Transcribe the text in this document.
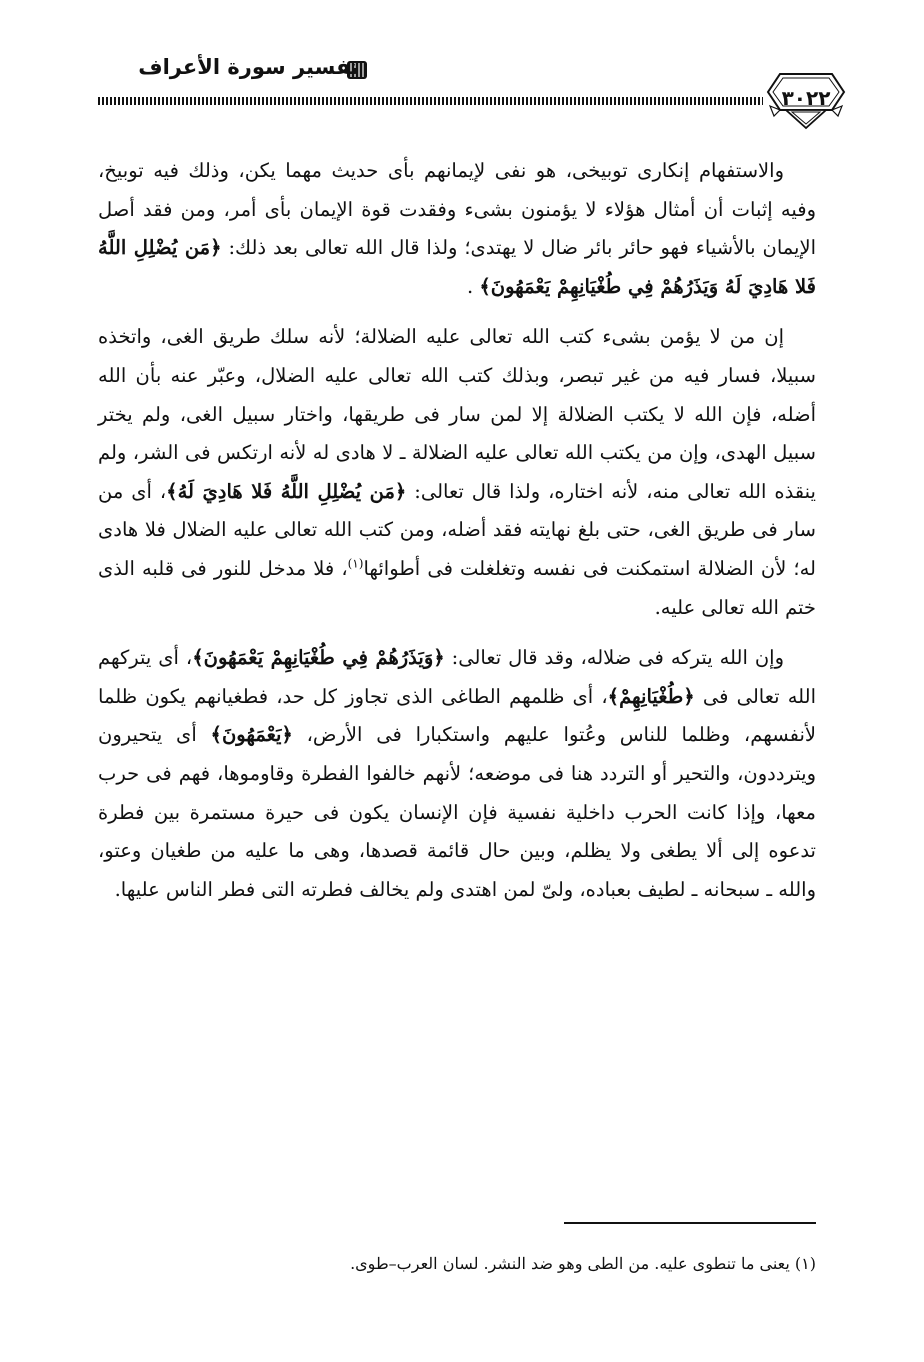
تفسير سورة الأعراف
٣٠٢٢

والاستفهام إنكارى توبيخى، هو نفى لإيمانهم بأى حديث مهما يكن، وذلك فيه توبيخ، وفيه إثبات أن أمثال هؤلاء لا يؤمنون بشىء وفقدت قوة الإيمان بأى أمر، ومن فقد أصل الإيمان بالأشياء فهو حائر بائر ضال لا يهتدى؛ ولذا قال الله تعالى بعد ذلك: ﴿مَن يُضْلِلِ اللَّهُ فَلا هَادِيَ لَهُ وَيَذَرُهُمْ فِي طُغْيَانِهِمْ يَعْمَهُونَ﴾ .

إن من لا يؤمن بشىء كتب الله تعالى عليه الضلالة؛ لأنه سلك طريق الغى، واتخذه سبيلا، فسار فيه من غير تبصر، وبذلك كتب الله تعالى عليه الضلال، وعبّر عنه بأن الله أضله، فإن الله لا يكتب الضلالة إلا لمن سار فى طريقها، واختار سبيل الغى، ولم يختر سبيل الهدى، وإن من يكتب الله تعالى عليه الضلالة ـ لا هادى له لأنه ارتكس فى الشر، ولم ينقذه الله تعالى منه، لأنه اختاره، ولذا قال تعالى: ﴿مَن يُضْلِلِ اللَّهُ فَلا هَادِيَ لَهُ﴾، أى من سار فى طريق الغى، حتى بلغ نهايته فقد أضله، ومن كتب الله تعالى عليه الضلال فلا هادى له؛ لأن الضلالة استمكنت فى نفسه وتغلغلت فى أطوائها$^{(١)}$، فلا مدخل للنور فى قلبه الذى ختم الله تعالى عليه.

وإن الله يتركه فى ضلاله، وقد قال تعالى: ﴿وَيَذَرُهُمْ فِي طُغْيَانِهِمْ يَعْمَهُونَ﴾، أى يتركهم الله تعالى فى ﴿طُغْيَانِهِمْ﴾، أى ظلمهم الطاغى الذى تجاوز كل حد، فطغيانهم يكون ظلما لأنفسهم، وظلما للناس وعُتوا عليهم واستكبارا فى الأرض، ﴿يَعْمَهُونَ﴾ أى يتحيرون ويترددون، والتحير أو التردد هنا فى موضعه؛ لأنهم خالفوا الفطرة وقاوموها، فهم فى حرب معها، وإذا كانت الحرب داخلية نفسية فإن الإنسان يكون فى حيرة مستمرة بين فطرة تدعوه إلى ألا يطغى ولا يظلم، وبين حال قائمة قصدها، وهى ما عليه من طغيان وعتو، والله ـ سبحانه ـ لطيف بعباده، ولىّ لمن اهتدى ولم يخالف فطرته التى فطر الناس عليها.

(١) يعنى ما تنطوى عليه. من الطى وهو ضد النشر. لسان العرب–طوى.
